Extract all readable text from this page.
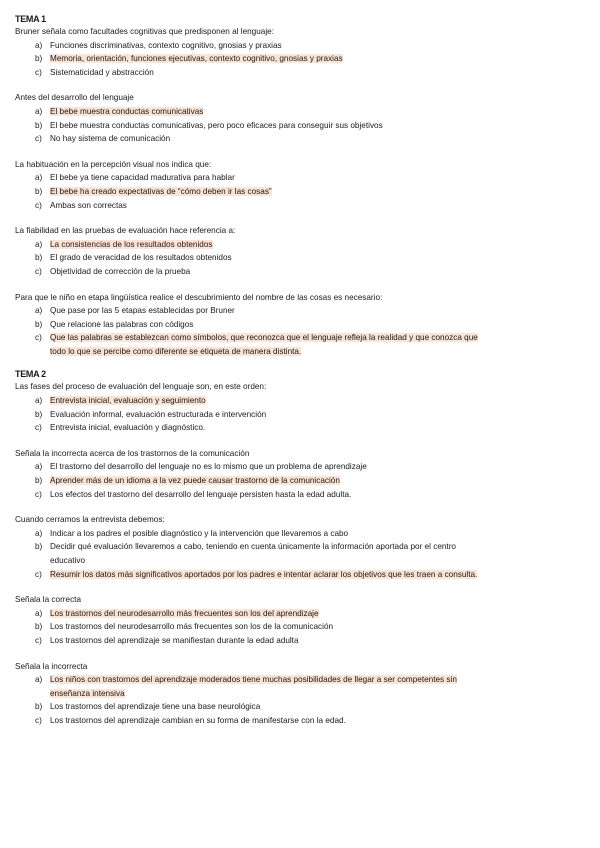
TEMA 1

Bruner señala como facultades cognitivas que predisponen al lenguaje:

a) Funciones discriminativas, contexto cognitivo, gnosias y praxias
b) Memoria, orientación, funciones ejecutivas, contexto cognitivo, gnosias y praxias
c) Sistematicidad y abstracción

Antes del desarrollo del lenguaje

a) El bebe muestra conductas comunicativas
b) El bebe muestra conductas comunicativas, pero poco eficaces para conseguir sus objetivos
c) No hay sistema de comunicación

La habituación en la percepción visual nos indica que:

a) El bebe ya tiene capacidad madurativa para hablar
b) El bebe ha creado expectativas de “cómo deben ir las cosas”
c) Ambas son correctas

La fiabilidad en las pruebas de evaluación hace referencia a:

a) La consistencias de los resultados obtenidos
b) El grado de veracidad de los resultados obtenidos
c) Objetividad de corrección de la prueba

Para que le niño en etapa lingüística realice el descubrimiento del nombre de las cosas es necesario:

a) Que pase por las 5 etapas establecidas por Bruner
b) Que relacione las palabras con códigos
c) Que las palabras se establezcan como símbolos, que reconozca que el lenguaje refleja la realidad y que conozca que
todo lo que se percibe como diferente se etiqueta de manera distinta.

TEMA 2

Las fases del proceso de evaluación del lenguaje son, en este orden:

a) Entrevista inicial, evaluación y seguimiento
b) Evaluación informal, evaluación estructurada e intervención
c) Entrevista inicial, evaluación y diagnóstico.

Señala la incorrecta acerca de los trastornos de la comunicación

a) El trastorno del desarrollo del lenguaje no es lo mismo que un problema de aprendizaje
b) Aprender más de un idioma a la vez puede causar trastorno de la comunicación
c) Los efectos del trastorno del desarrollo del lenguaje persisten hasta la edad adulta.

Cuando cerramos la entrevista debemos:

a) Indicar a los padres el posible diagnóstico y la intervención que llevaremos a cabo
b) Decidir qué evaluación llevaremos a cabo, teniendo en cuenta únicamente la información aportada por el centro
educativo
c) Resumir los datos más significativos aportados por los padres e intentar aclarar los objetivos que les traen a consulta.

Señala la correcta

a) Los trastornos del neurodesarrollo más frecuentes son los del aprendizaje
b) Los trastornos del neurodesarrollo más frecuentes son los de la comunicación
c) Los trastornos del aprendizaje se manifiestan durante la edad adulta

Señala la incorrecta

a) Los niños con trastornos del aprendizaje moderados tiene muchas posibilidades de llegar a ser competentes sin
enseñanza intensiva
b) Los trastornos del aprendizaje tiene una base neurológica
c) Los trastornos del aprendizaje cambian en su forma de manifestarse con la edad.
